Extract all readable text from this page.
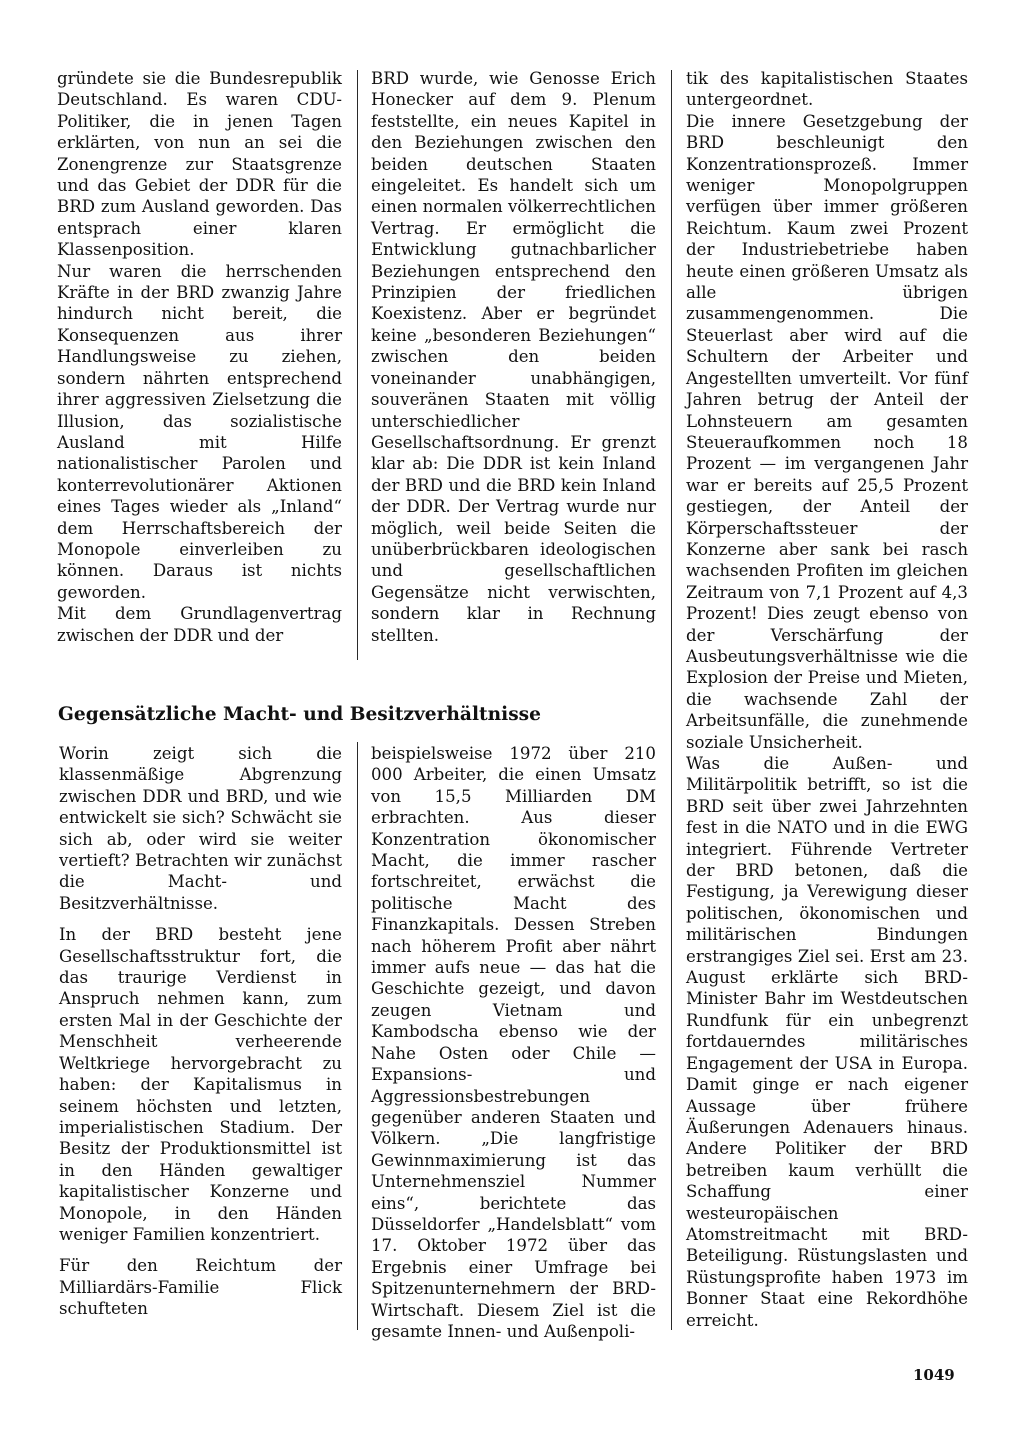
gründete sie die Bundesrepublik Deutschland. Es waren CDU-Politiker, die in jenen Tagen erklärten, von nun an sei die Zonengrenze zur Staatsgrenze und das Gebiet der DDR für die BRD zum Ausland geworden. Das entsprach einer klaren Klassenposition.

Nur waren die herrschenden Kräfte in der BRD zwanzig Jahre hindurch nicht bereit, die Konsequenzen aus ihrer Handlungsweise zu ziehen, sondern nährten entsprechend ihrer aggressiven Zielsetzung die Illusion, das sozialistische Ausland mit Hilfe nationalistischer Parolen und konterrevolutionärer Aktionen eines Tages wieder als „Inland“ dem Herrschaftsbereich der Monopole einverleiben zu können. Daraus ist nichts geworden.

Mit dem Grundlagenvertrag zwischen der DDR und der

BRD wurde, wie Genosse Erich Honecker auf dem 9. Plenum feststellte, ein neues Kapitel in den Beziehungen zwischen den beiden deutschen Staaten eingeleitet. Es handelt sich um einen normalen völkerrechtlichen Vertrag. Er ermöglicht die Entwicklung gutnachbarlicher Beziehungen entsprechend den Prinzipien der friedlichen Koexistenz. Aber er begründet keine „besonderen Beziehungen“ zwischen den beiden voneinander unabhängigen, souveränen Staaten mit völlig unterschiedlicher Gesellschaftsordnung. Er grenzt klar ab: Die DDR ist kein Inland der BRD und die BRD kein Inland der DDR. Der Vertrag wurde nur möglich, weil beide Seiten die unüberbrückbaren ideologischen und gesellschaftlichen Gegensätze nicht verwischten, sondern klar in Rechnung stellten.

tik des kapitalistischen Staates untergeordnet.

Die innere Gesetzgebung der BRD beschleunigt den Konzentrationsprozeß. Immer weniger Monopolgruppen verfügen über immer größeren Reichtum. Kaum zwei Prozent der Industriebetriebe haben heute einen größeren Umsatz als alle übrigen zusammengenommen. Die Steuerlast aber wird auf die Schultern der Arbeiter und Angestellten umverteilt. Vor fünf Jahren betrug der Anteil der Lohnsteuern am gesamten Steueraufkommen noch 18 Prozent — im vergangenen Jahr war er bereits auf 25,5 Prozent gestiegen, der Anteil der Körperschaftssteuer der Konzerne aber sank bei rasch wachsenden Profiten im gleichen Zeitraum von 7,1 Prozent auf 4,3 Prozent! Dies zeugt ebenso von der Verschärfung der Ausbeutungsverhältnisse wie die Explosion der Preise und Mieten, die wachsende Zahl der Arbeitsunfälle, die zunehmende soziale Unsicherheit.

Was die Außen- und Militärpolitik betrifft, so ist die BRD seit über zwei Jahrzehnten fest in die NATO und in die EWG integriert. Führende Vertreter der BRD betonen, daß die Festigung, ja Verewigung dieser politischen, ökonomischen und militärischen Bindungen erstrangiges Ziel sei. Erst am 23. August erklärte sich BRD-Minister Bahr im Westdeutschen Rundfunk für ein unbegrenzt fortdauerndes militärisches Engagement der USA in Europa. Damit ginge er nach eigener Aussage über frühere Äußerungen Adenauers hinaus. Andere Politiker der BRD betreiben kaum verhüllt die Schaffung einer westeuropäischen Atomstreitmacht mit BRD-Beteiligung. Rüstungslasten und Rüstungsprofite haben 1973 im Bonner Staat eine Rekordhöhe erreicht.

Gegensätzliche Macht- und Besitzverhältnisse

Worin zeigt sich die klassenmäßige Abgrenzung zwischen DDR und BRD, und wie entwickelt sie sich? Schwächt sie sich ab, oder wird sie weiter vertieft? Betrachten wir zunächst die Macht- und Besitzverhältnisse.

In der BRD besteht jene Gesellschaftsstruktur fort, die das traurige Verdienst in Anspruch nehmen kann, zum ersten Mal in der Geschichte der Menschheit verheerende Weltkriege hervorgebracht zu haben: der Kapitalismus in seinem höchsten und letzten, imperialistischen Stadium. Der Besitz der Produktionsmittel ist in den Händen gewaltiger kapitalistischer Konzerne und Monopole, in den Händen weniger Familien konzentriert.

Für den Reichtum der Milliardärs-Familie Flick schufteten

beispielsweise 1972 über 210 000 Arbeiter, die einen Umsatz von 15,5 Milliarden DM erbrachten. Aus dieser Konzentration ökonomischer Macht, die immer rascher fortschreitet, erwächst die politische Macht des Finanzkapitals. Dessen Streben nach höherem Profit aber nährt immer aufs neue — das hat die Geschichte gezeigt, und davon zeugen Vietnam und Kambodscha ebenso wie der Nahe Osten oder Chile — Expansions- und Aggressionsbestrebungen gegenüber anderen Staaten und Völkern. „Die langfristige Gewinnmaximierung ist das Unternehmensziel Nummer eins“, berichtete das Düsseldorfer „Handelsblatt“ vom 17. Oktober 1972 über das Ergebnis einer Umfrage bei Spitzenunternehmern der BRD-Wirtschaft. Diesem Ziel ist die gesamte Innen- und Außenpoli-

1049
